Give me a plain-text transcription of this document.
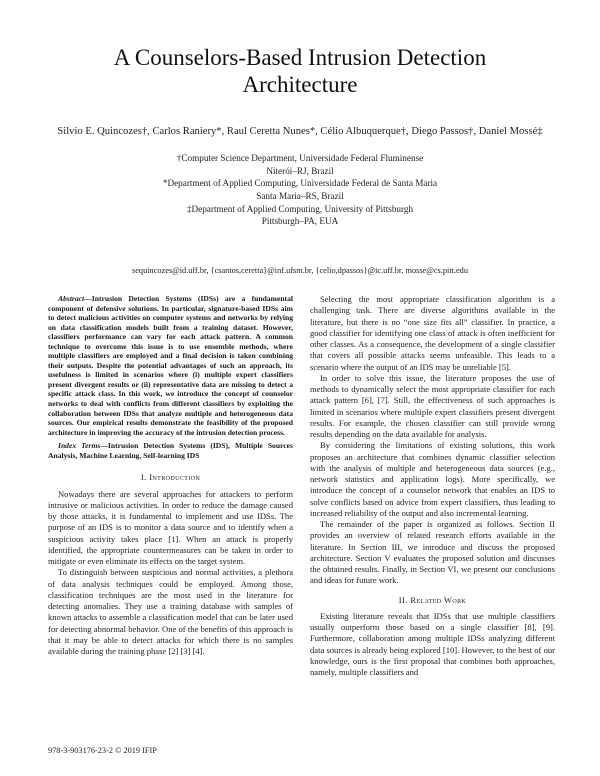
A Counselors-Based Intrusion Detection
Architecture
Silvio E. Quincozes†, Carlos Raniery*, Raul Ceretta Nunes*, Célio Albuquerque†, Diego Passos†, Daniel Mossé‡
†Computer Science Department, Universidade Federal Fluminense
Niterói–RJ, Brazil
*Department of Applied Computing, Universidade Federal de Santa Maria
Santa Maria–RS, Brazil
‡Department of Applied Computing, University of Pittsburgh
Pittsburgh–PA, EUA
sequincozes@id.uff.br, {csantos,ceretta}@inf.ufsm.br, {celio,dpassos}@ic.uff.br, mosse@cs.pitt.edu

Abstract—Intrusion Detection Systems (IDSs) are a fundamental component of defensive solutions. In particular, signature-based IDSs aim to detect malicious activities on computer systems and networks by relying on data classification models built from a training dataset. However, classifiers performance can vary for each attack pattern. A common technique to overcome this issue is to use ensemble methods, where multiple classifiers are employed and a final decision is taken combining their outputs. Despite the potential advantages of such an approach, its usefulness is limited in scenarios where (i) multiple expert classifiers present divergent results or (ii) representative data are missing to detect a specific attack class. In this work, we introduce the concept of counselor networks to deal with conflicts from different classifiers by exploiting the collaboration between IDSs that analyze multiple and heterogeneous data sources. Our empirical results demonstrate the feasibility of the proposed architecture in improving the accuracy of the intrusion detection process.

Index Terms—Intrusion Detection Systems (IDS), Multiple Sources Analysis, Machine Learning, Self-learning IDS

I. Introduction

Nowadays there are several approaches for attackers to perform intrusive or malicious activities. In order to reduce the damage caused by those attacks, it is fundamental to implement and use IDSs. The purpose of an IDS is to monitor a data source and to identify when a suspicious activity takes place [1]. When an attack is properly identified, the appropriate countermeasures can be taken in order to mitigate or even eliminate its effects on the target system.

To distinguish between suspicious and normal activities, a plethora of data analysis techniques could be employed. Among those, classification techniques are the most used in the literature for detecting anomalies. They use a training database with samples of known attacks to assemble a classification model that can be later used for detecting abnormal behavior. One of the benefits of this approach is that it may be able to detect attacks for which there is no samples available during the training phase [2] [3] [4].

Selecting the most appropriate classification algorithm is a challenging task. There are diverse algorithms available in the literature, but there is no “one size fits all” classifier. In practice, a good classifier for identifying one class of attack is often inefficient for other classes. As a consequence, the development of a single classifier that covers all possible attacks seems unfeasible. This leads to a scenario where the output of an IDS may be unreliable [5].

In order to solve this issue, the literature proposes the use of methods to dynamically select the most appropriate classifier for each attack pattern [6], [7]. Still, the effectiveness of such approaches is limited in scenarios where multiple expert classifiers present divergent results. For example, the chosen classifier can still provide wrong results depending on the data available for analysis.

By considering the limitations of existing solutions, this work proposes an architecture that combines dynamic classifier selection with the analysis of multiple and heterogeneous data sources (e.g., network statistics and application logs). More specifically, we introduce the concept of a counselor network that enables an IDS to solve conflicts based on advice from expert classifiers, thus leading to increased reliability of the output and also incremental learning.

The remainder of the paper is organized as follows. Section II provides an overview of related research efforts available in the literature. In Section III, we introduce and discuss the proposed architecture. Section V evaluates the proposed solution and discusses the obtained results. Finally, in Section VI, we present our conclusions and ideas for future work.

II. Related Work

Existing literature reveals that IDSs that use multiple classifiers usually outperform those based on a single classifier [8], [9]. Furthermore, collaboration among multiple IDSs analyzing different data sources is already being explored [10]. However, to the best of our knowledge, ours is the first proposal that combines both approaches, namely, multiple classifiers and

978-3-903176-23-2 © 2019 IFIP
